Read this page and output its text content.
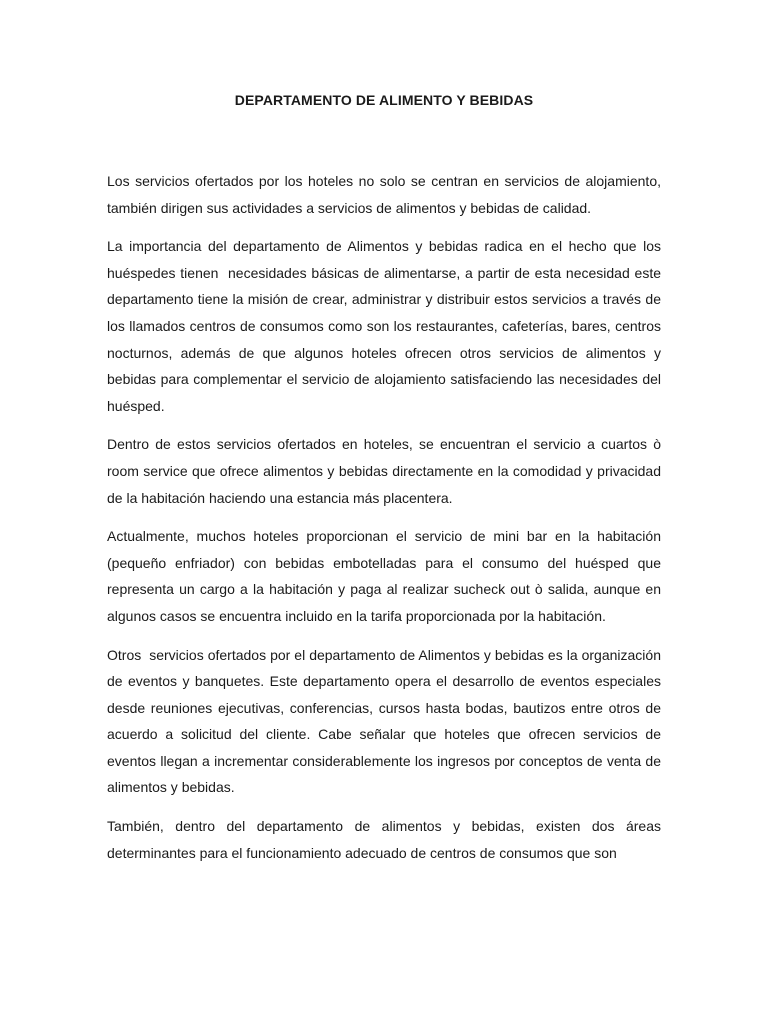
DEPARTAMENTO DE ALIMENTO Y BEBIDAS

Los servicios ofertados por los hoteles no solo se centran en servicios de alojamiento, también dirigen sus actividades a servicios de alimentos y bebidas de calidad.

La importancia del departamento de Alimentos y bebidas radica en el hecho que los huéspedes tienen  necesidades básicas de alimentarse, a partir de esta necesidad este departamento tiene la misión de crear, administrar y distribuir estos servicios a través de los llamados centros de consumos como son los restaurantes, cafeterías, bares, centros nocturnos, además de que algunos hoteles ofrecen otros servicios de alimentos y bebidas para complementar el servicio de alojamiento satisfaciendo las necesidades del huésped.

Dentro de estos servicios ofertados en hoteles, se encuentran el servicio a cuartos ò room service que ofrece alimentos y bebidas directamente en la comodidad y privacidad de la habitación haciendo una estancia más placentera.

Actualmente, muchos hoteles proporcionan el servicio de mini bar en la habitación (pequeño enfriador) con bebidas embotelladas para el consumo del huésped que representa un cargo a la habitación y paga al realizar sucheck out ò salida, aunque en algunos casos se encuentra incluido en la tarifa proporcionada por la habitación.

Otros  servicios ofertados por el departamento de Alimentos y bebidas es la organización de eventos y banquetes. Este departamento opera el desarrollo de eventos especiales desde reuniones ejecutivas, conferencias, cursos hasta bodas, bautizos entre otros de acuerdo a solicitud del cliente. Cabe señalar que hoteles que ofrecen servicios de eventos llegan a incrementar considerablemente los ingresos por conceptos de venta de alimentos y bebidas.

También, dentro del departamento de alimentos y bebidas, existen dos áreas determinantes para el funcionamiento adecuado de centros de consumos que son
